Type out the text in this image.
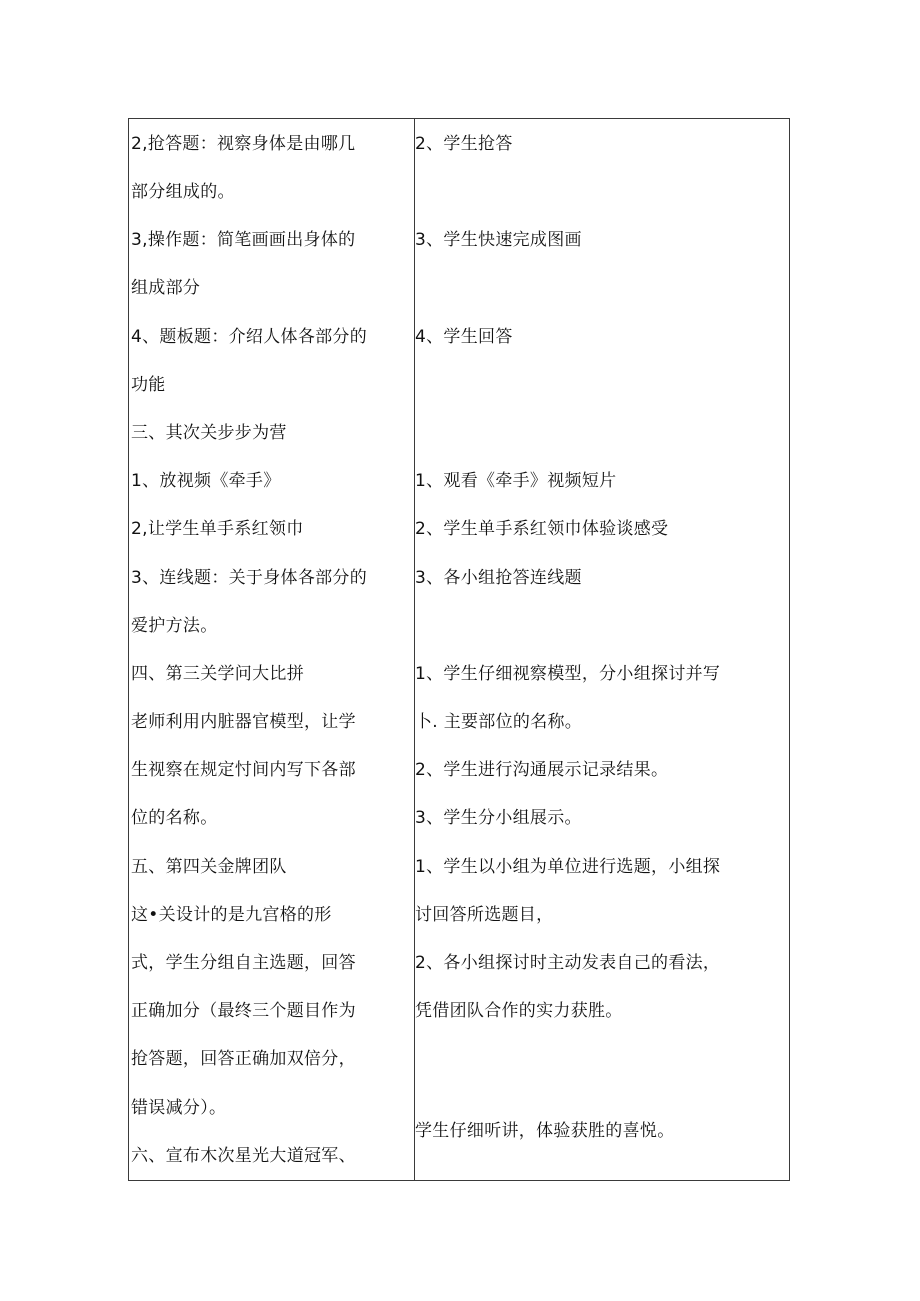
2,抢答题：视察身体是由哪几
部分组成的。
3,操作题：简笔画画出身体的
组成部分
4、题板题：介绍人体各部分的
功能
三、其次关步步为营
1、放视频《牵手》
2,让学生单手系红领巾
3、连线题：关于身体各部分的
爱护方法。
四、第三关学问大比拼
老师利用内脏器官模型，让学
生视察在规定忖间内写下各部
位的名称。
五、第四关金牌团队
这•关设计的是九宫格的形
式，学生分组自主选题，回答
正确加分（最终三个题目作为
抢答题，回答正确加双倍分，
错误减分）。
六、宣布木次星光大道冠军、
2、学生抢答
3、学生快速完成图画
4、学生回答
1、观看《牵手》视频短片
2、学生单手系红领巾体验谈感受
3、各小组抢答连线题
1、学生仔细视察模型，分小组探讨并写
卜. 主要部位的名称。
2、学生进行沟通展示记录结果。
3、学生分小组展示。
1、学生以小组为单位进行选题，小组探
讨回答所选题目，
2、各小组探讨时主动发表自己的看法，
凭借团队合作的实力获胜。
学生仔细听讲，体验获胜的喜悦。
